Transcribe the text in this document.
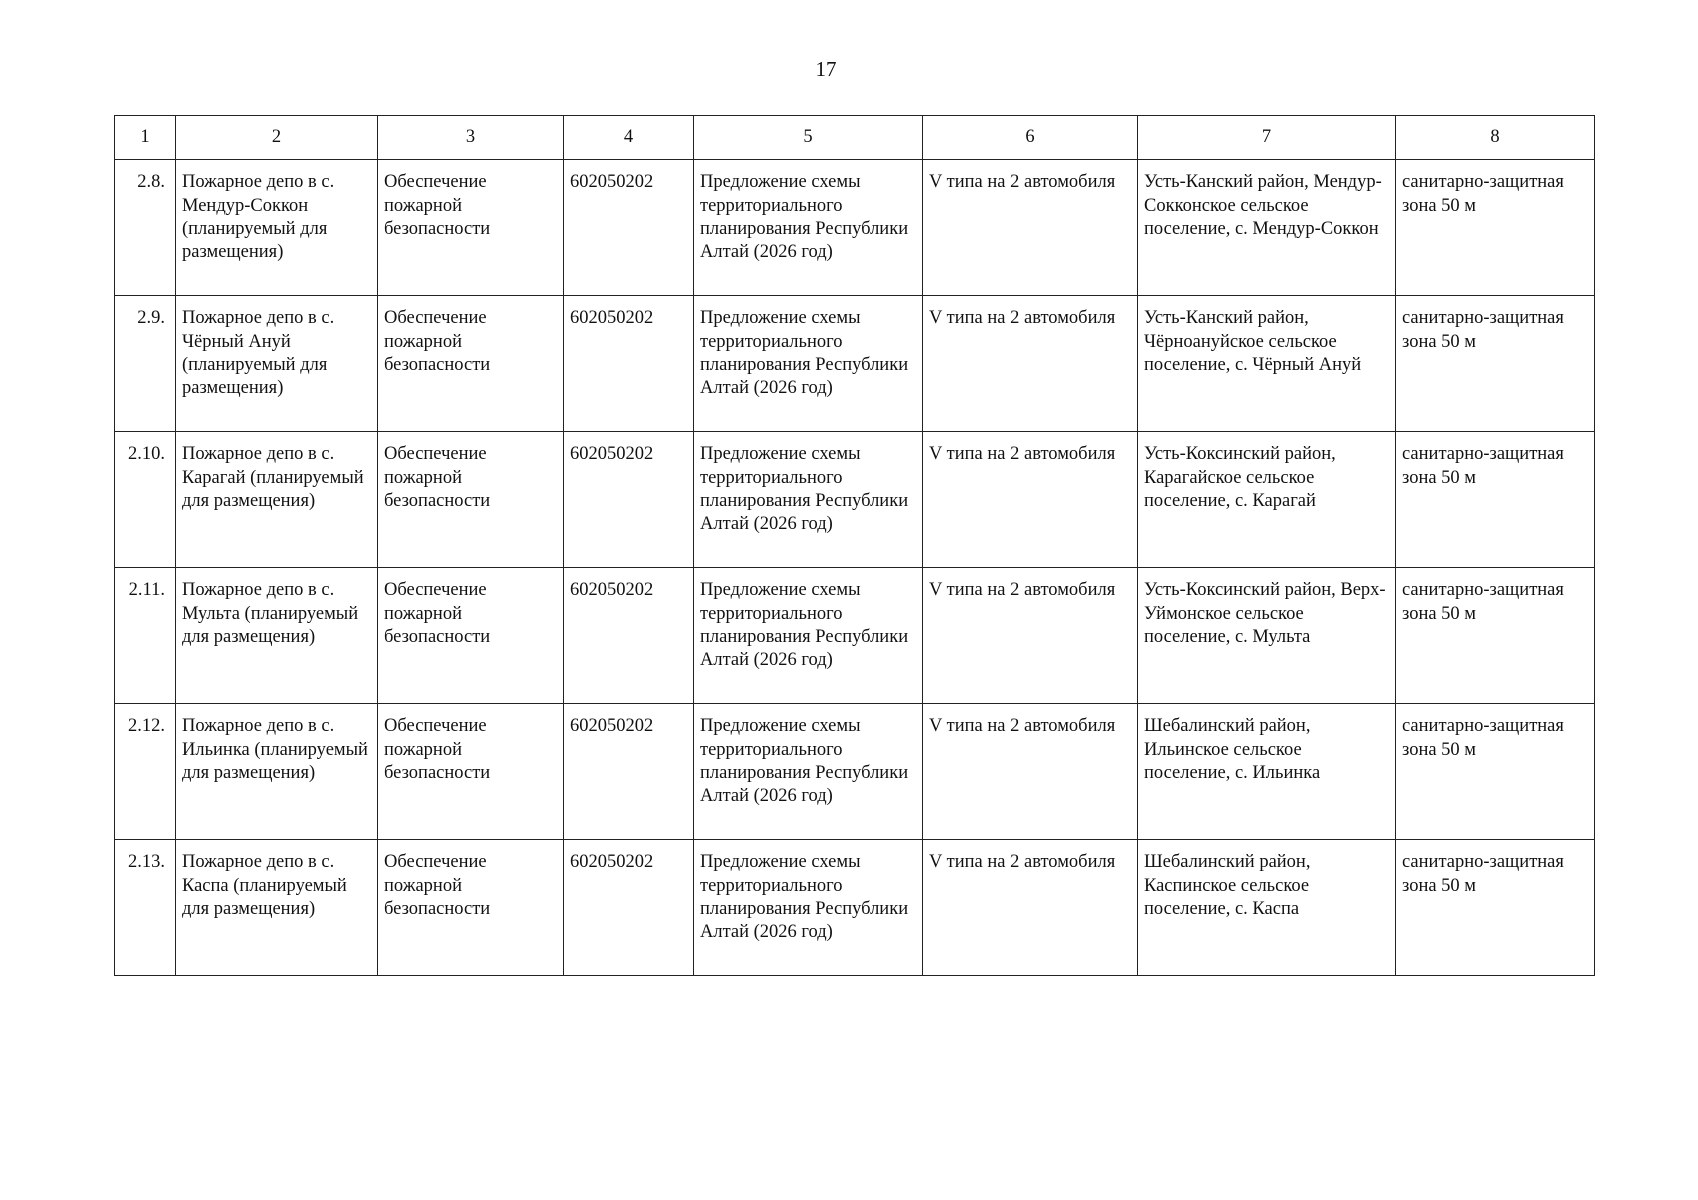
17
1	2	3	4	5	6	7	8
2.8.	Пожарное депо в с. Мендур-Соккон (планируемый для размещения)	Обеспечение пожарной безопасности	602050202	Предложение схемы территориального планирования Республики Алтай (2026 год)	V типа на 2 автомобиля	Усть-Канский район, Мендур-Сокконское сельское поселение, с. Мендур-Соккон	санитарно-защитная зона 50 м
2.9.	Пожарное депо в с. Чёрный Ануй (планируемый для размещения)	Обеспечение пожарной безопасности	602050202	Предложение схемы территориального планирования Республики Алтай (2026 год)	V типа на 2 автомобиля	Усть-Канский район, Чёрноануйское сельское поселение, с. Чёрный Ануй	санитарно-защитная зона 50 м
2.10.	Пожарное депо в с. Карагай (планируемый для размещения)	Обеспечение пожарной безопасности	602050202	Предложение схемы территориального планирования Республики Алтай (2026 год)	V типа на 2 автомобиля	Усть-Коксинский район, Карагайское сельское поселение, с. Карагай	санитарно-защитная зона 50 м
2.11.	Пожарное депо в с. Мульта (планируемый для размещения)	Обеспечение пожарной безопасности	602050202	Предложение схемы территориального планирования Республики Алтай (2026 год)	V типа на 2 автомобиля	Усть-Коксинский район, Верх-Уймонское сельское поселение, с. Мульта	санитарно-защитная зона 50 м
2.12.	Пожарное депо в с. Ильинка (планируемый для размещения)	Обеспечение пожарной безопасности	602050202	Предложение схемы территориального планирования Республики Алтай (2026 год)	V типа на 2 автомобиля	Шебалинский район, Ильинское сельское поселение, с. Ильинка	санитарно-защитная зона 50 м
2.13.	Пожарное депо в с. Каспа (планируемый для размещения)	Обеспечение пожарной безопасности	602050202	Предложение схемы территориального планирования Республики Алтай (2026 год)	V типа на 2 автомобиля	Шебалинский район, Каспинское сельское поселение, с. Каспа	санитарно-защитная зона 50 м
